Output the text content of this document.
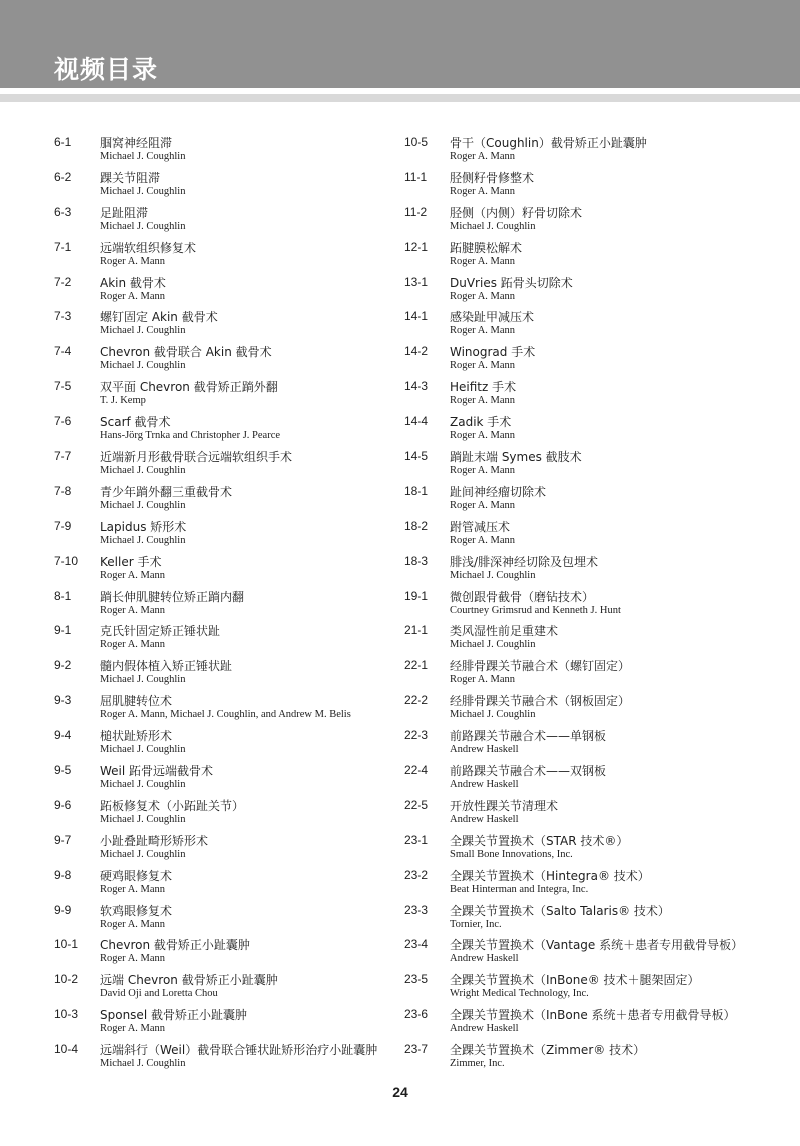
视频目录
6-1 腘窝神经阻滞
Michael J. Coughlin
6-2 踝关节阻滞
Michael J. Coughlin
6-3 足趾阻滞
Michael J. Coughlin
7-1 远端软组织修复术
Roger A. Mann
7-2 Akin 截骨术
Roger A. Mann
7-3 螺钉固定 Akin 截骨术
Michael J. Coughlin
7-4 Chevron 截骨联合 Akin 截骨术
Michael J. Coughlin
7-5 双平面 Chevron 截骨矫正䠀外翻
T. J. Kemp
7-6 Scarf 截骨术
Hans-Jörg Trnka and Christopher J. Pearce
7-7 近端新月形截骨联合远端软组织手术
Michael J. Coughlin
7-8 青少年䠀外翻三重截骨术
Michael J. Coughlin
7-9 Lapidus 矫形术
Michael J. Coughlin
7-10 Keller 手术
Roger A. Mann
8-1 䠀长伸肌腱转位矫正䠀内翻
Roger A. Mann
9-1 克氏针固定矫正锤状趾
Roger A. Mann
9-2 髓内假体植入矫正锤状趾
Michael J. Coughlin
9-3 屈肌腱转位术
Roger A. Mann, Michael J. Coughlin, and Andrew M. Belis
9-4 槌状趾矫形术
Michael J. Coughlin
9-5 Weil 跖骨远端截骨术
Michael J. Coughlin
9-6 跖板修复术（小跖趾关节）
Michael J. Coughlin
9-7 小趾叠趾畸形矫形术
Michael J. Coughlin
9-8 硬鸡眼修复术
Roger A. Mann
9-9 软鸡眼修复术
Roger A. Mann
10-1 Chevron 截骨矫正小趾囊肿
Roger A. Mann
10-2 远端 Chevron 截骨矫正小趾囊肿
David Oji and Loretta Chou
10-3 Sponsel 截骨矫正小趾囊肿
Roger A. Mann
10-4 远端斜行（Weil）截骨联合锤状趾矫形治疗小趾囊肿
Michael J. Coughlin
10-5 骨干（Coughlin）截骨矫正小趾囊肿
Roger A. Mann
11-1 胫侧籽骨修整术
Roger A. Mann
11-2 胫侧（内侧）籽骨切除术
Michael J. Coughlin
12-1 跖腱膜松解术
Roger A. Mann
13-1 DuVries 跖骨头切除术
Roger A. Mann
14-1 感染趾甲减压术
Roger A. Mann
14-2 Winograd 手术
Roger A. Mann
14-3 Heifitz 手术
Roger A. Mann
14-4 Zadik 手术
Roger A. Mann
14-5 䠀趾末端 Symes 截肢术
Roger A. Mann
18-1 趾间神经瘤切除术
Roger A. Mann
18-2 跗管减压术
Roger A. Mann
18-3 腓浅/腓深神经切除及包埋术
Michael J. Coughlin
19-1 微创跟骨截骨（磨钻技术）
Courtney Grimsrud and Kenneth J. Hunt
21-1 类风湿性前足重建术
Michael J. Coughlin
22-1 经腓骨踝关节融合术（螺钉固定）
Roger A. Mann
22-2 经腓骨踝关节融合术（钢板固定）
Michael J. Coughlin
22-3 前路踝关节融合术——单钢板
Andrew Haskell
22-4 前路踝关节融合术——双钢板
Andrew Haskell
22-5 开放性踝关节清理术
Andrew Haskell
23-1 全踝关节置换术（STAR 技术®）
Small Bone Innovations, Inc.
23-2 全踝关节置换术（Hintegra® 技术）
Beat Hinterman and Integra, Inc.
23-3 全踝关节置换术（Salto Talaris® 技术）
Tornier, Inc.
23-4 全踝关节置换术（Vantage 系统＋患者专用截骨导板）
Andrew Haskell
23-5 全踝关节置换术（InBone® 技术＋腿架固定）
Wright Medical Technology, Inc.
23-6 全踝关节置换术（InBone 系统＋患者专用截骨导板）
Andrew Haskell
23-7 全踝关节置换术（Zimmer® 技术）
Zimmer, Inc.
24
